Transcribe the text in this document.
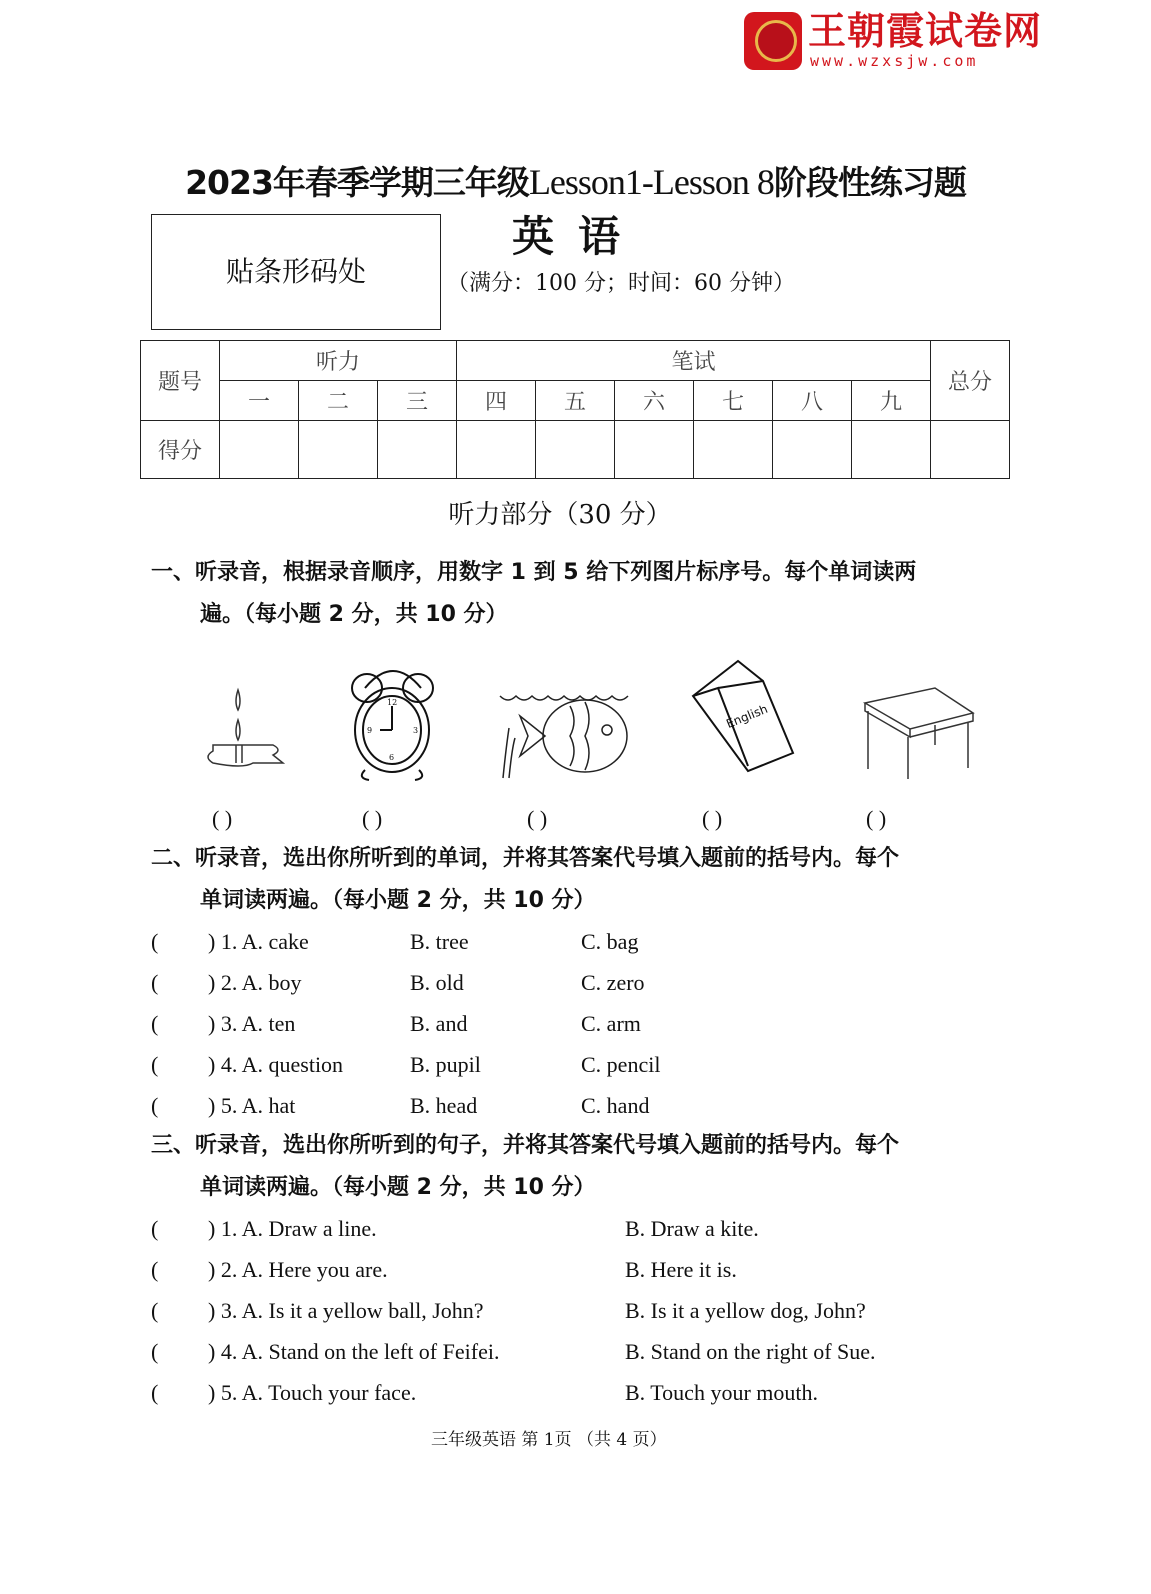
王朝霞试卷网
www.wzxsjw.com
2023年春季学期三年级Lesson1-Lesson 8阶段性练习题
贴条形码处
英语
（满分：100 分；时间：60 分钟）
题号	听力			笔试						总分
	一	二	三	四	五	六	七	八	九	
得分										
听力部分（30 分）
一、听录音，根据录音顺序，用数字 1 到 5 给下列图片标序号。每个单词读两
遍。（每小题 2 分，共 10 分）
12
3
6
9	English
( )	( )	( )	( )	( )
二、听录音，选出你所听到的单词，并将其答案代号填入题前的括号内。每个
单词读两遍。（每小题 2 分，共 10 分）
( ) 1. A. cake	B. tree	C. bag
( ) 2. A. boy	B. old	C. zero
( ) 3. A. ten	B. and	C. arm
( ) 4. A. question	B. pupil	C. pencil
( ) 5. A. hat	B. head	C. hand
三、听录音，选出你所听到的句子，并将其答案代号填入题前的括号内。每个
单词读两遍。（每小题 2 分，共 10 分）
( ) 1. A. Draw a line.	B. Draw a kite.
( ) 2. A. Here you are.	B. Here it is.
( ) 3. A. Is it a yellow ball, John?	B. Is it a yellow dog, John?
( ) 4. A. Stand on the left of Feifei.	B. Stand on the right of Sue.
( ) 5. A. Touch your face.	B. Touch your mouth.
三年级英语 第 1页 （共 4 页）
